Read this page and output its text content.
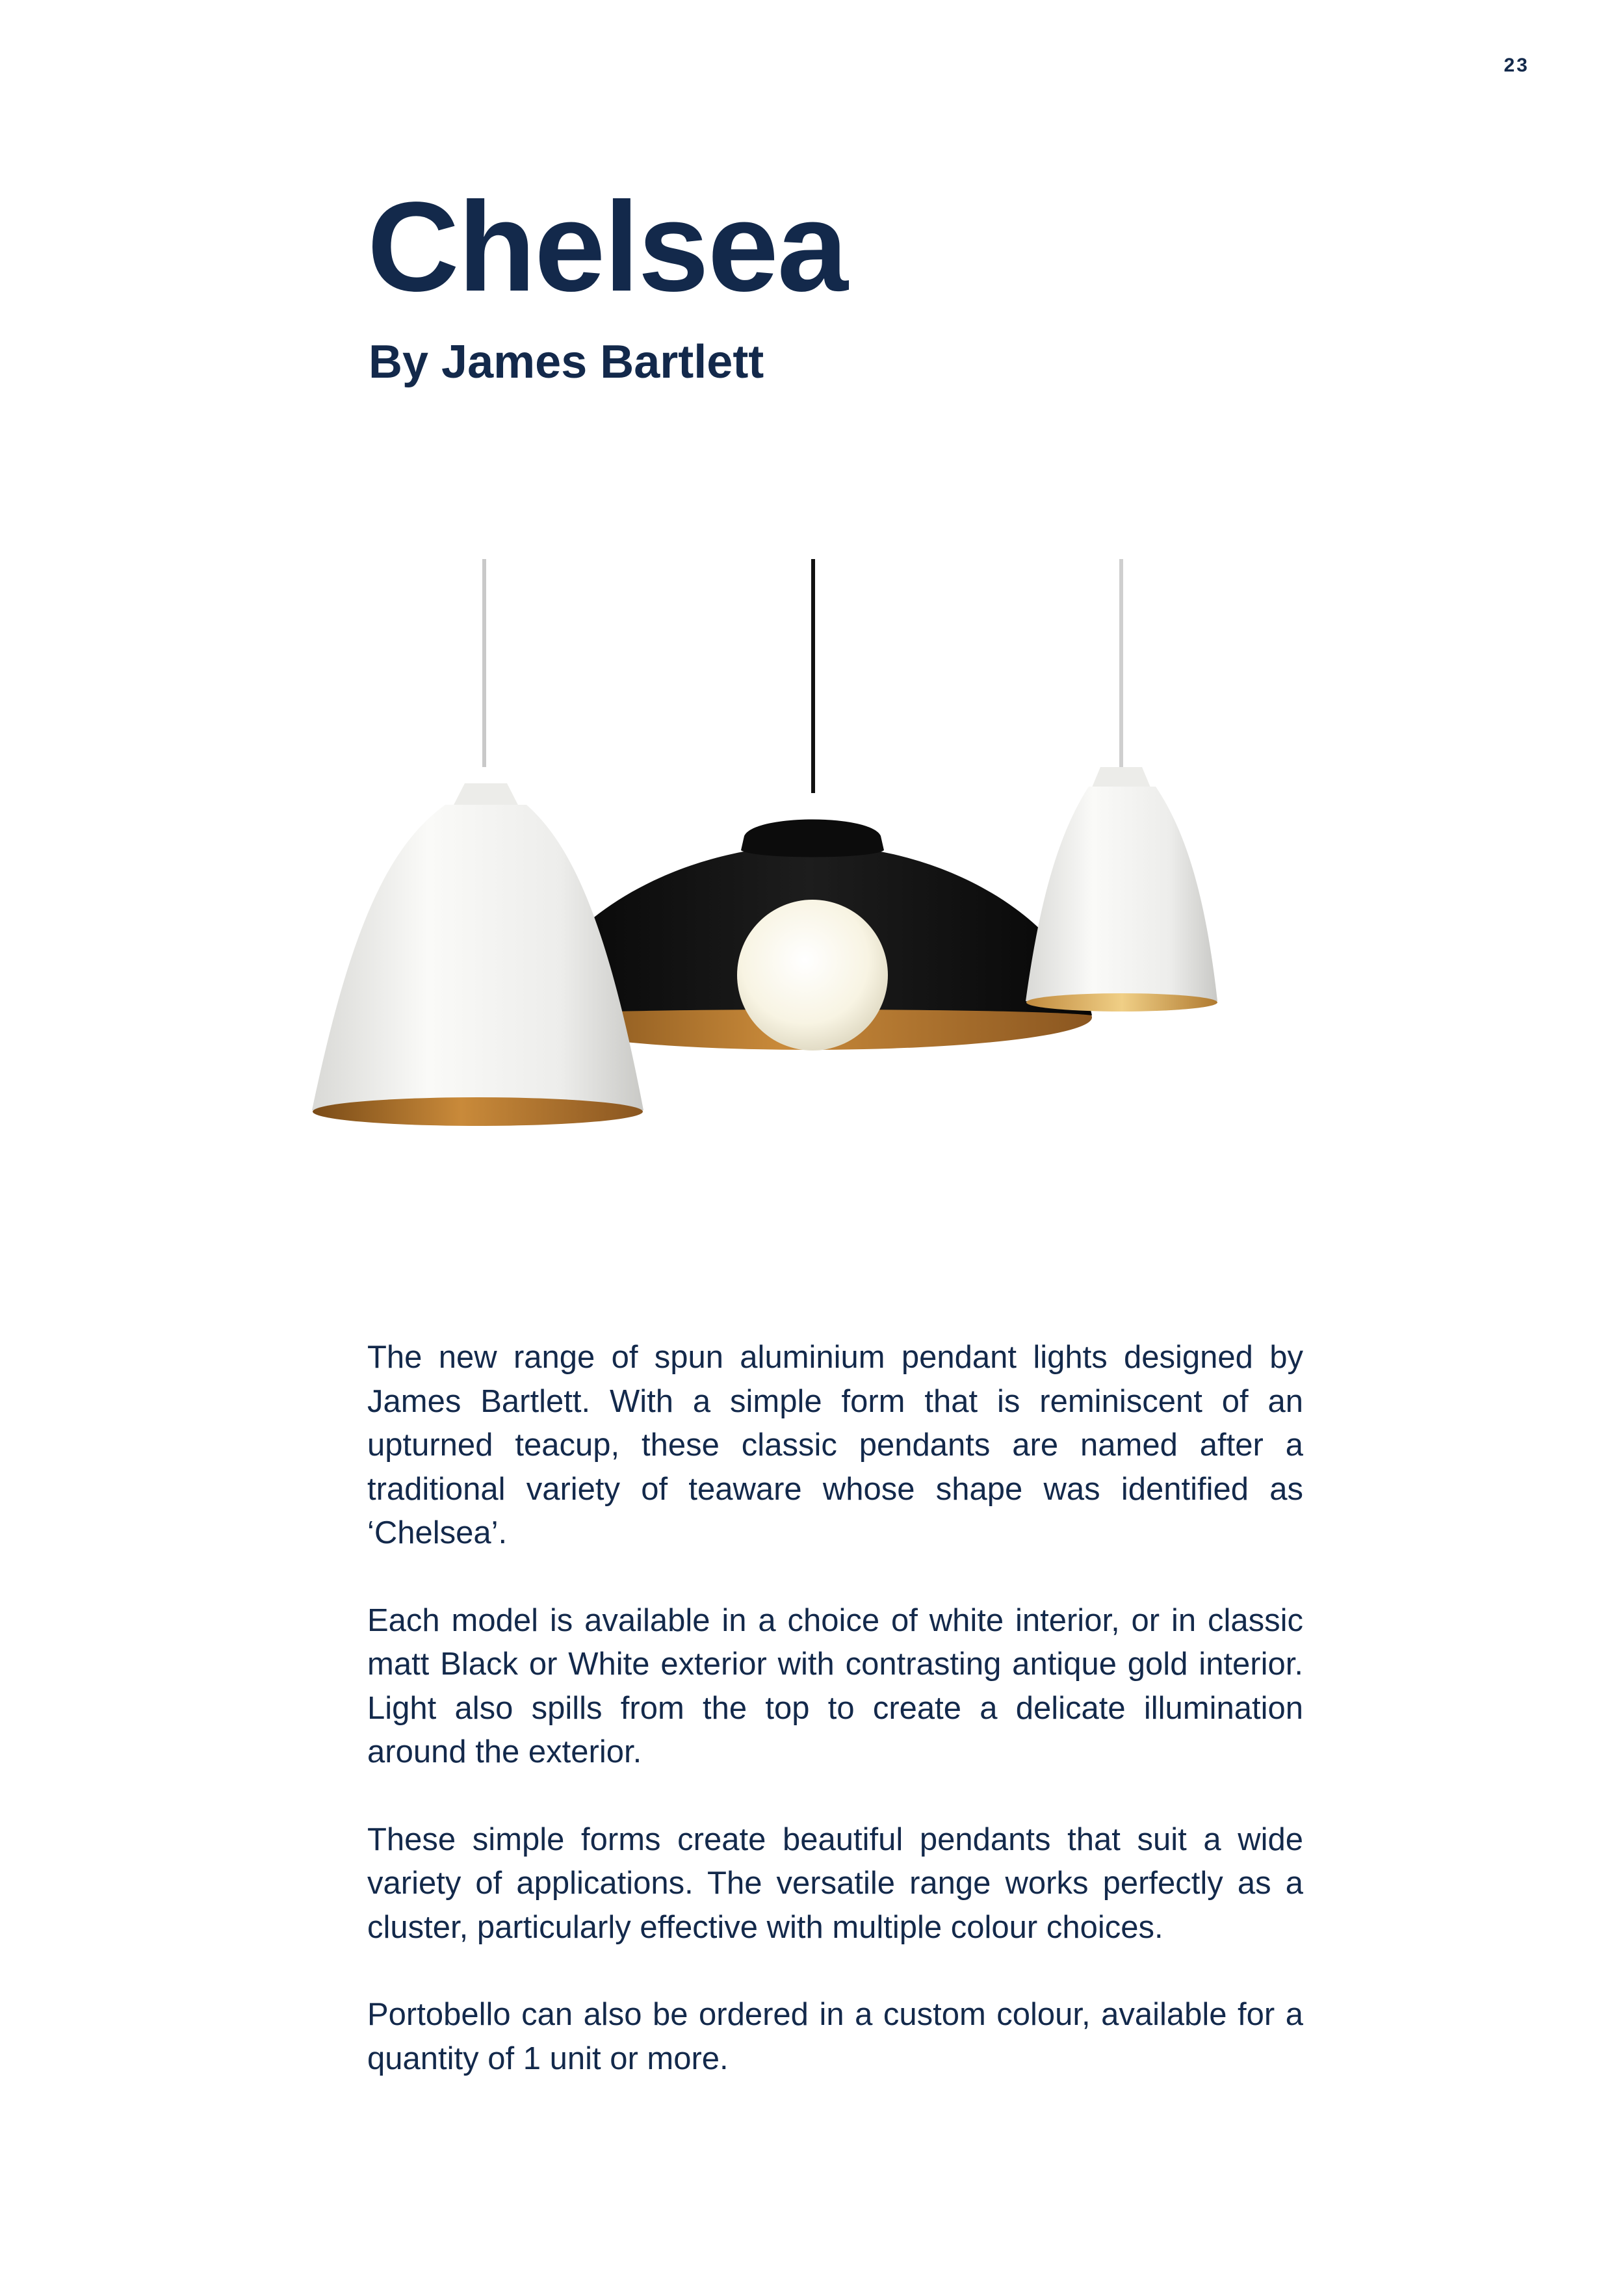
23
Chelsea
By James Bartlett

The new range of spun aluminium pendant lights designed by James Bartlett. With a simple form that is reminiscent of an upturned teacup, these classic pendants are named after a traditional variety of teaware whose shape was identified as ‘Chelsea’.

Each model is available in a choice of white interior, or in classic matt Black or White exterior with contrasting antique gold interior. Light also spills from the top to create a delicate illumination around the exterior.

These simple forms create beautiful pendants that suit a wide variety of applications. The versatile range works perfectly as a cluster, particularly effective with multiple colour choices.

Portobello can also be ordered in a custom colour, available for a quantity of 1 unit or more.
